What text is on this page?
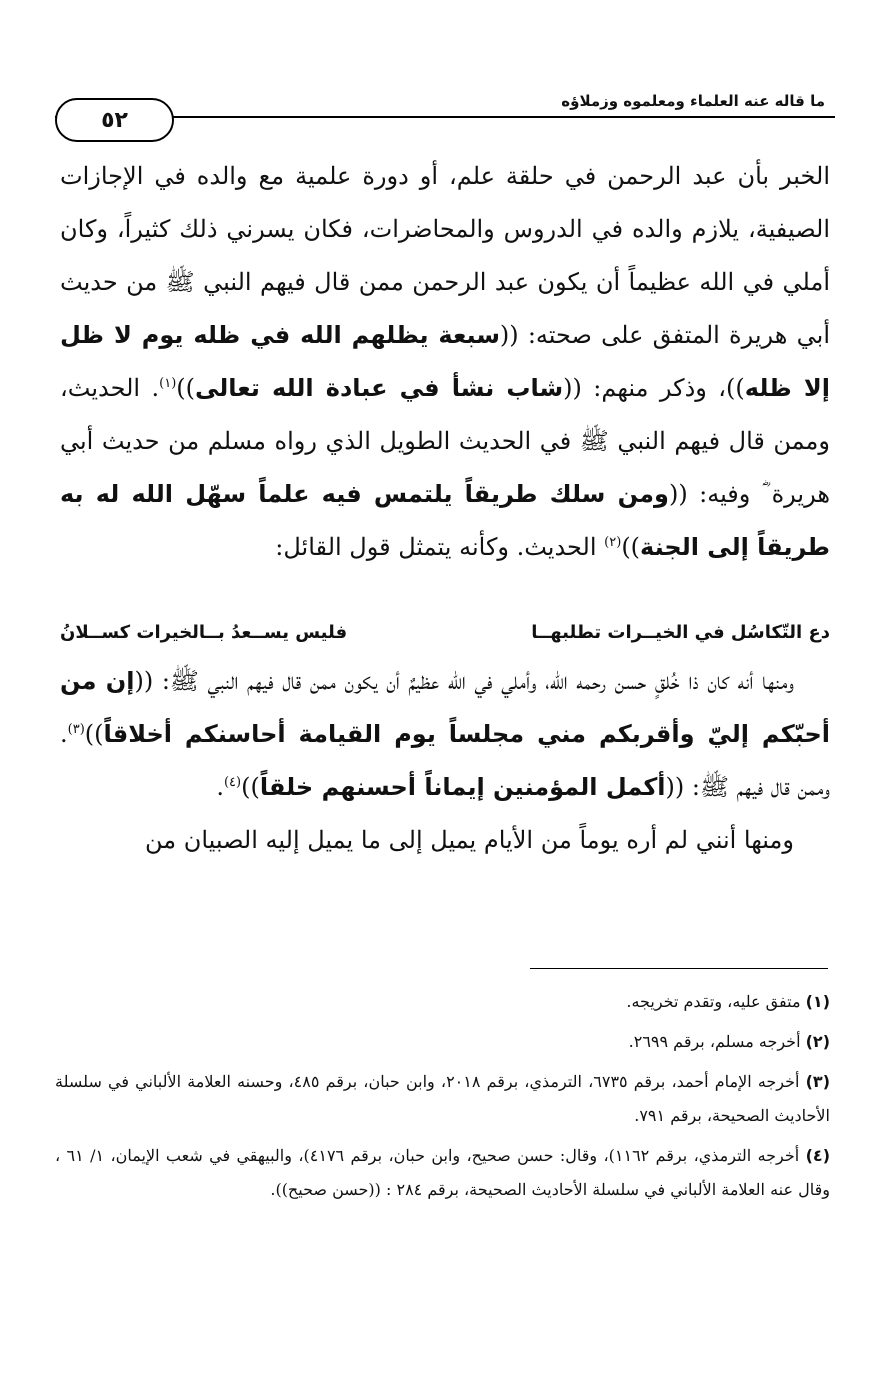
٥٢
ما قاله عنه العلماء ومعلموه وزملاؤه

الخبر بأن عبد الرحمن في حلقة علم، أو دورة علمية مع والده في الإجازات الصيفية، يلازم والده في الدروس والمحاضرات، فكان يسرني ذلك كثيراً، وكان أملي في الله عظيماً أن يكون عبد الرحمن ممن قال فيهم النبي ﷺ من حديث أبي هريرة المتفق على صحته: ((سبعة يظلهم الله في ظله يوم لا ظل إلا ظله))، وذكر منهم: ((شاب نشأ في عبادة الله تعالى))$^{(١)}$. الحديث، وممن قال فيهم النبي ﷺ في الحديث الطويل الذي رواه مسلم من حديث أبي هريرة ؓ وفيه: ((ومن سلك طريقاً يلتمس فيه علماً سهّل الله له به طريقاً إلى الجنة))$^{(٢)}$ الحديث. وكأنه يتمثل قول القائل:

دع التّكاسُل في الخيــرات تطلبهــا
فليس يســعدُ بــالخيرات كســلانُ

ومنها أنه كان ذا خُلقٍ حسن رحمه الله، وأملي في الله عظيمٌ أن يكون ممن قال فيهم النبي ﷺ: ((إن من أحبّكم إليّ وأقربكم مني مجلساً يوم القيامة أحاسنكم أخلاقاً))$^{(٣)}$. وممن قال فيهم ﷺ: ((أكمل المؤمنين إيماناً أحسنهم خلقاً))$^{(٤)}$.

ومنها أنني لم أره يوماً من الأيام يميل إلى ما يميل إليه الصبيان من

(١) متفق عليه، وتقدم تخريجه.

(٢) أخرجه مسلم، برقم ٢٦٩٩.

(٣) أخرجه الإمام أحمد، برقم ٦٧٣٥، الترمذي، برقم ٢٠١٨، وابن حبان، برقم ٤٨٥، وحسنه العلامة الألباني في سلسلة الأحاديث الصحيحة، برقم ٧٩١.

(٤) أخرجه الترمذي، برقم ١١٦٢)، وقال: حسن صحيح، وابن حبان، برقم ٤١٧٦)، والبيهقي في شعب الإيمان، ١/ ٦١ ، وقال عنه العلامة الألباني في سلسلة الأحاديث الصحيحة، برقم ٢٨٤ : ((حسن صحيح)).
